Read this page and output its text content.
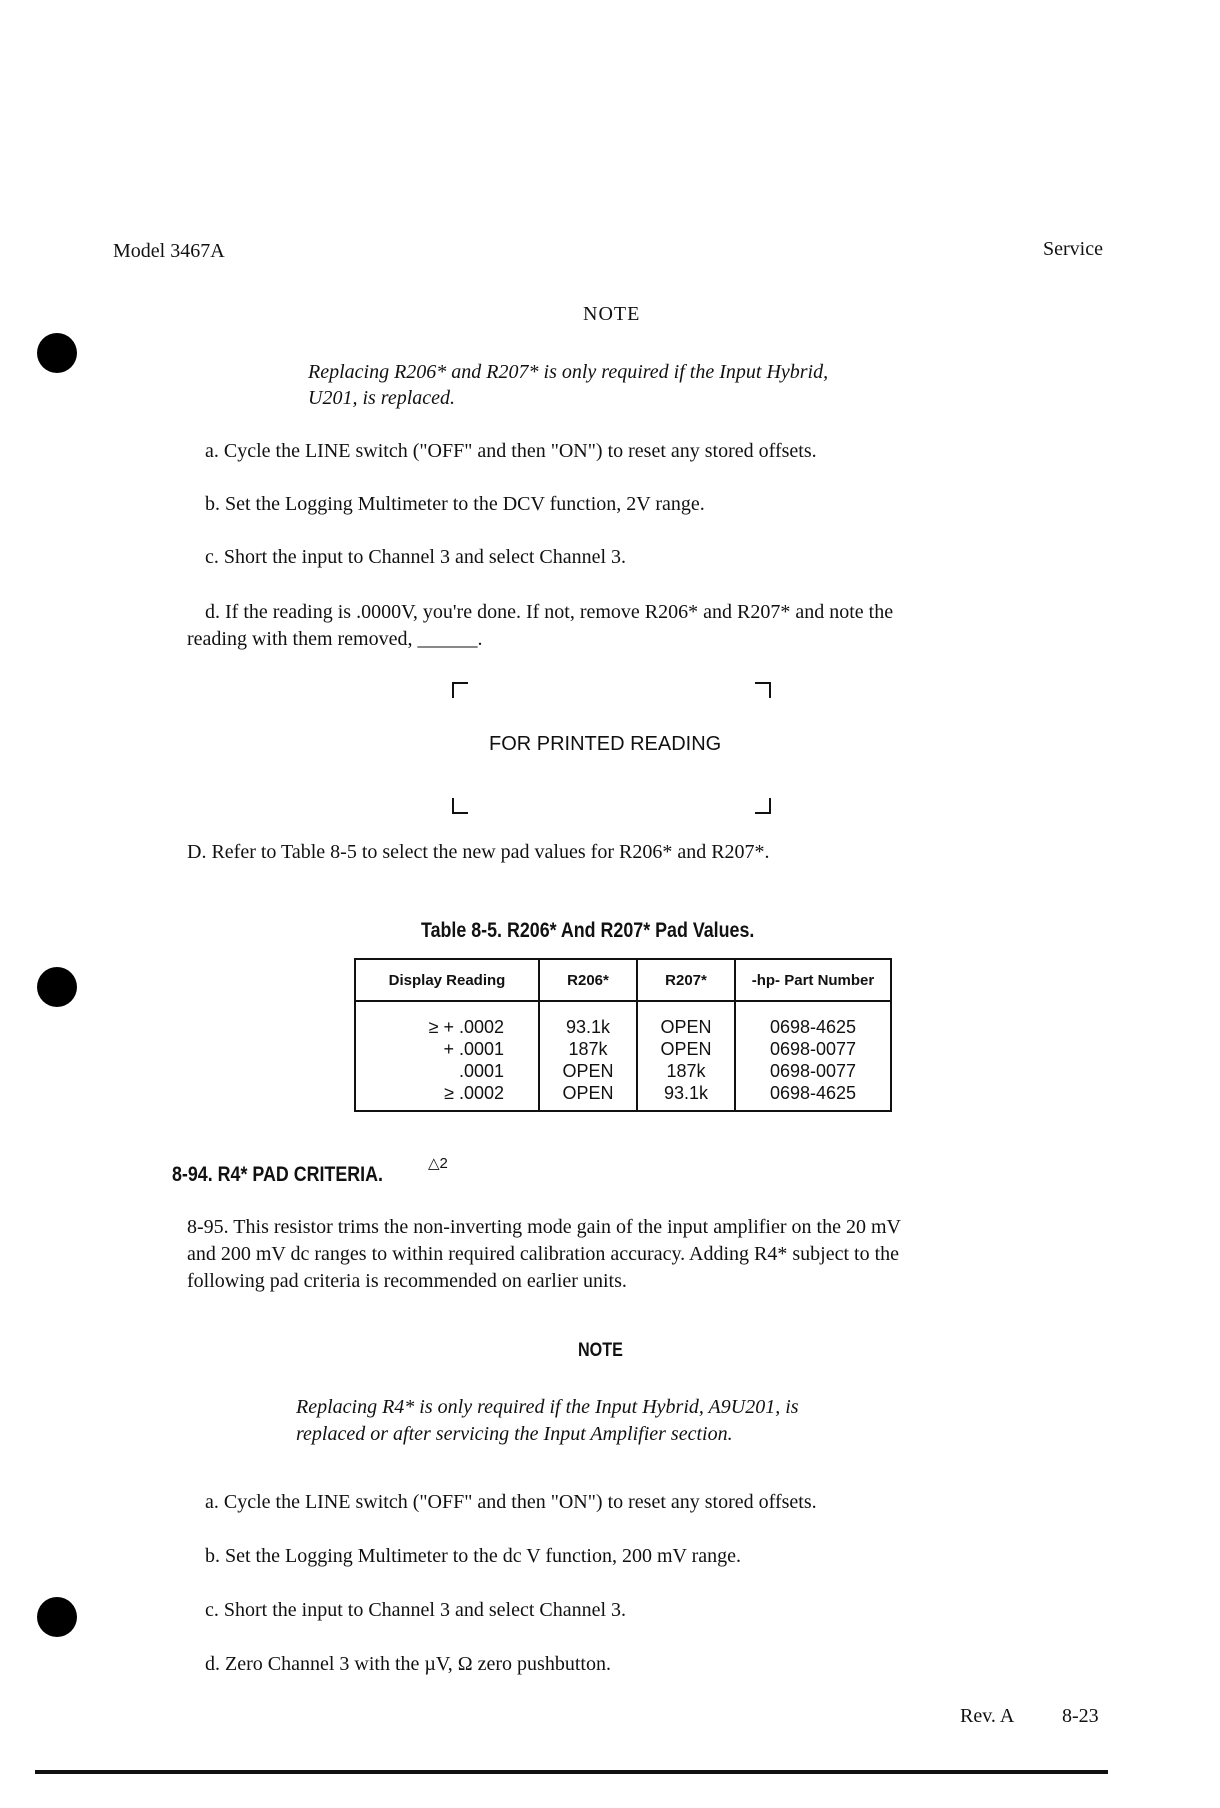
Model 3467A	Service
NOTE
Replacing R206* and R207* is only required if the Input Hybrid,
U201, is replaced.
a. Cycle the LINE switch ("OFF" and then "ON") to reset any stored offsets.
b. Set the Logging Multimeter to the DCV function, 2V range.
c. Short the input to Channel 3 and select Channel 3.
d. If the reading is .0000V, you're done. If not, remove R206* and R207* and note the
reading with them removed, ______.
FOR PRINTED READING
D. Refer to Table 8-5 to select the new pad values for R206* and R207*.
Table 8-5. R206* And R207* Pad Values.
Display Reading	R206*	R207*	-hp- Part Number
≥ + .0002	93.1k	OPEN	0698-4625
+ .0001	187k	OPEN	0698-0077
.0001	OPEN	187k	0698-0077
≥ .0002	OPEN	93.1k	0698-4625
8-94. R4* PAD CRITERIA.	△2
8-95. This resistor trims the non-inverting mode gain of the input amplifier on the 20 mV
and 200 mV dc ranges to within required calibration accuracy. Adding R4* subject to the
following pad criteria is recommended on earlier units.
NOTE
Replacing R4* is only required if the Input Hybrid, A9U201, is
replaced or after servicing the Input Amplifier section.
a. Cycle the LINE switch ("OFF" and then "ON") to reset any stored offsets.
b. Set the Logging Multimeter to the dc V function, 200 mV range.
c. Short the input to Channel 3 and select Channel 3.
d. Zero Channel 3 with the µV, Ω zero pushbutton.
Rev. A 8-23
